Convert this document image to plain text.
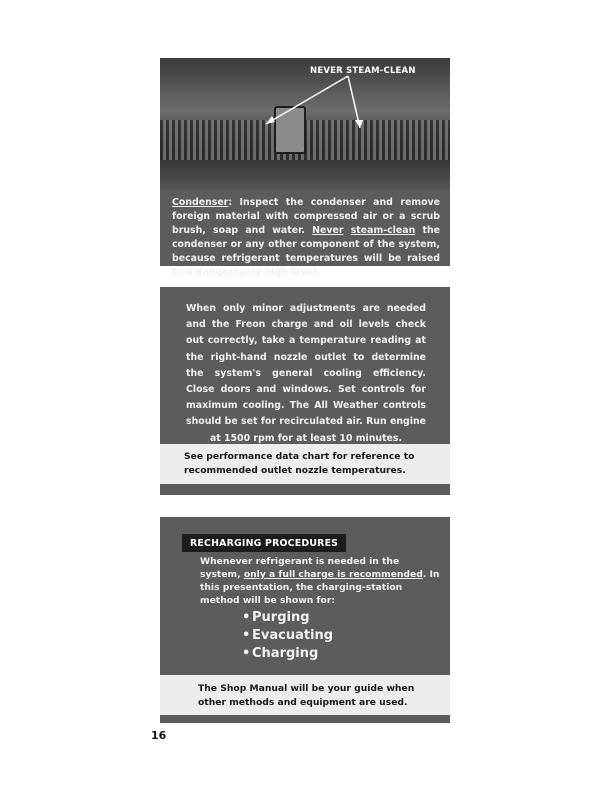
NEVER STEAM-CLEAN
Condenser: Inspect the condenser and remove foreign material with compressed air or a scrub brush, soap and water. Never steam-clean the condenser or any other component of the system, because refrigerant temperatures will be raised to a dangerously high level.
When only minor adjustments are needed and the Freon charge and oil levels check out correctly, take a temperature reading at the right-hand nozzle outlet to determine the system's general cooling efficiency. Close doors and windows. Set controls for maximum cooling. The All Weather controls should be set for recirculated air. Run engine at 1500 rpm for at least 10 minutes.
See performance data chart for reference to recommended outlet nozzle temperatures.
RECHARGING PROCEDURES
Whenever refrigerant is needed in the system, only a full charge is recommended. In this presentation, the charging-station method will be shown for:
• Purging
• Evacuating
• Charging
The Shop Manual will be your guide when other methods and equipment are used.
16
